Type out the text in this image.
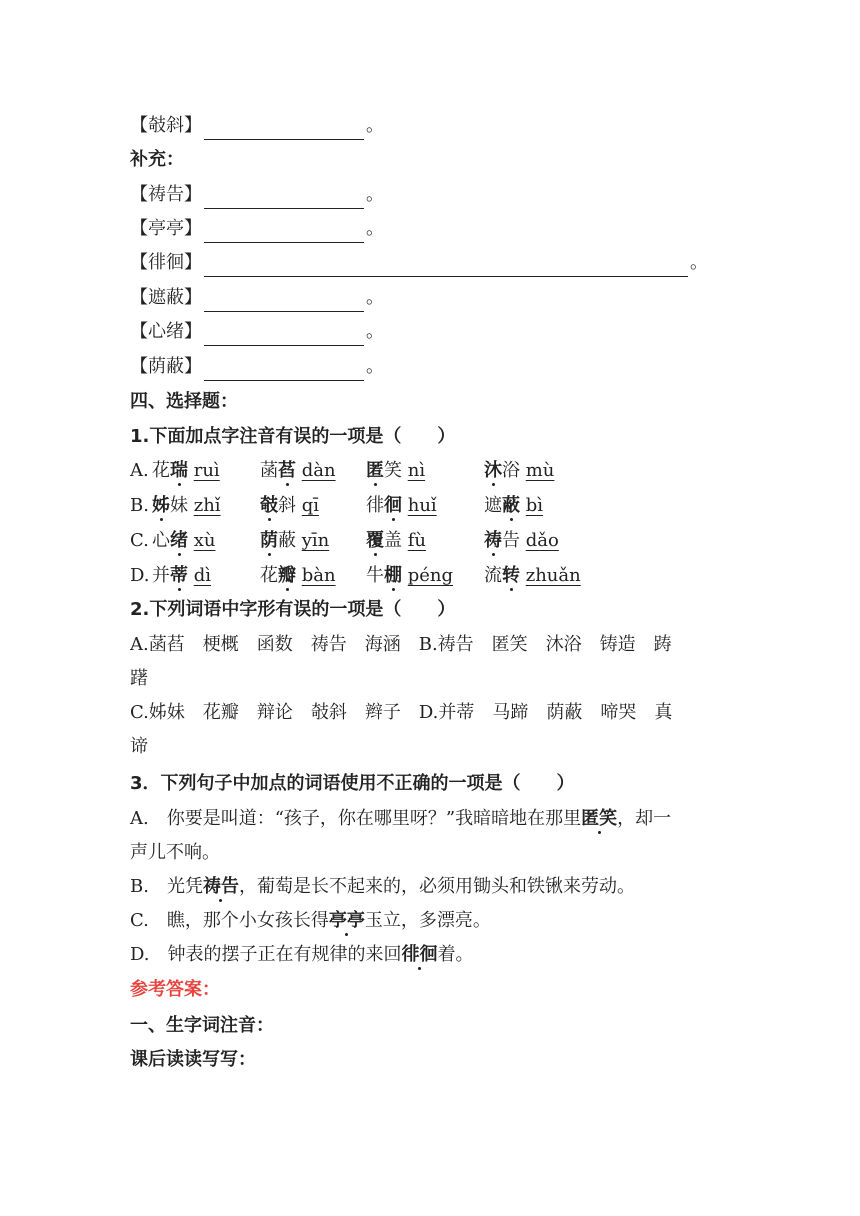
【攲斜】	。
补充：
【祷告】	。
【亭亭】	。
【徘徊】	。
【遮蔽】	。
【心绪】	。
【荫蔽】	。
四、选择题：
1.下面加点字注音有误的一项是（　　）
A. 花瑞 ruì 菡萏 dàn 匿笑 nì	沐浴 mù
B. 姊妹 zhǐ 攲斜 qī	徘徊 huǐ	遮蔽 bì
C. 心绪 xù 荫蔽 yīn 覆盖 fù	祷告 dǎo
D. 并蒂 dì	花瓣 bàn 牛棚 péng 流转 zhuǎn
2.下列词语中字形有误的一项是（　　）
A.菡萏　梗概　函数　祷告　海涵　B.祷告　匿笑　沐浴　铸造　踌
躇
C.姊妹　花瓣　辩论　攲斜　辫子　D.并蒂　马蹄　荫蔽　啼哭　真
谛
3．下列句子中加点的词语使用不正确的一项是（　　）
A.　你要是叫道：“孩子，你在哪里呀？”我暗暗地在那里匿笑，却一
声儿不响。
B.　光凭祷告，葡萄是长不起来的，必须用锄头和铁锹来劳动。
C.　瞧，那个小女孩长得亭亭玉立，多漂亮。
D.　钟表的摆子正在有规律的来回徘徊着。
参考答案：
一、生字词注音：
课后读读写写：
